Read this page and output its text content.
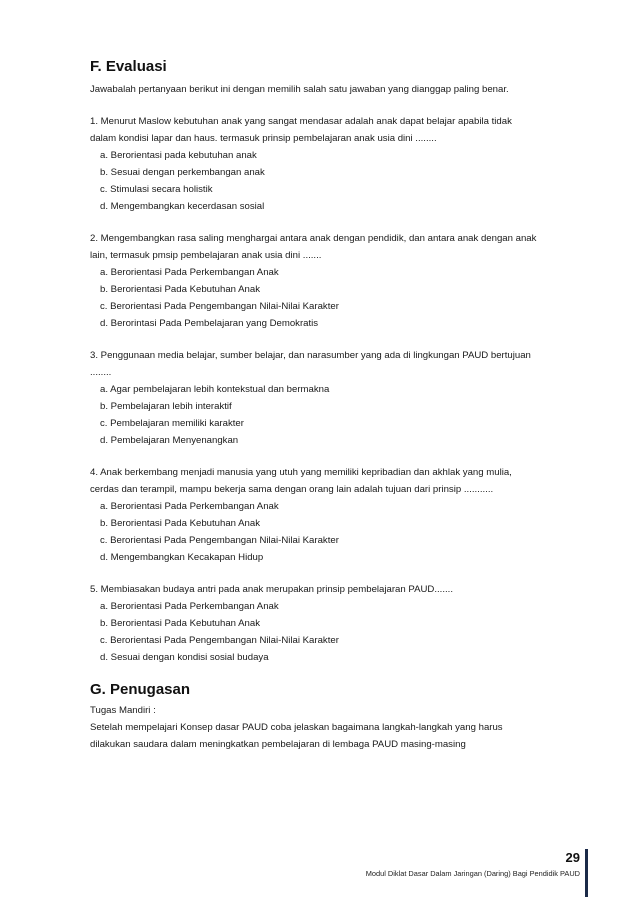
F. Evaluasi

Jawabalah pertanyaan berikut ini dengan memilih salah satu jawaban yang dianggap paling benar.

1. Menurut Maslow kebutuhan anak yang sangat mendasar adalah anak dapat belajar apabila tidak

dalam kondisi lapar dan haus. termasuk prinsip pembelajaran anak usia dini ........

a. Berorientasi pada kebutuhan anak

b. Sesuai dengan perkembangan anak

c. Stimulasi secara holistik

d. Mengembangkan kecerdasan sosial

2. Mengembangkan rasa saling menghargai antara anak dengan pendidik, dan antara anak dengan anak

lain, termasuk pmsip pembelajaran anak usia dini .......

a. Berorientasi Pada Perkembangan Anak

b. Berorientasi Pada Kebutuhan Anak

c. Berorientasi Pada Pengembangan Nilai-Nilai Karakter

d. Berorintasi Pada Pembelajaran yang Demokratis

3. Penggunaan media belajar, sumber belajar, dan narasumber yang ada di lingkungan PAUD bertujuan

........

a. Agar pembelajaran lebih kontekstual dan bermakna

b. Pembelajaran lebih interaktif

c. Pembelajaran memiliki karakter

d. Pembelajaran Menyenangkan

4. Anak berkembang menjadi manusia yang utuh yang memiliki kepribadian dan akhlak yang mulia,

cerdas dan terampil, mampu bekerja sama dengan orang lain adalah tujuan dari prinsip ...........

a. Berorientasi Pada Perkembangan Anak

b. Berorientasi Pada Kebutuhan Anak

c. Berorientasi Pada Pengembangan Nilai-Nilai Karakter

d. Mengembangkan Kecakapan Hidup

5. Membiasakan budaya antri pada anak merupakan prinsip pembelajaran PAUD.......

a. Berorientasi Pada Perkembangan Anak

b. Berorientasi Pada Kebutuhan Anak

c. Berorientasi Pada Pengembangan Nilai-Nilai Karakter

d. Sesuai dengan kondisi sosial budaya

G. Penugasan

Tugas Mandiri :

Setelah mempelajari Konsep dasar PAUD coba jelaskan bagaimana langkah-langkah yang harus

dilakukan saudara dalam meningkatkan pembelajaran di lembaga PAUD masing-masing

29
Modul Diklat Dasar Dalam Jaringan (Daring) Bagi Pendidik PAUD
